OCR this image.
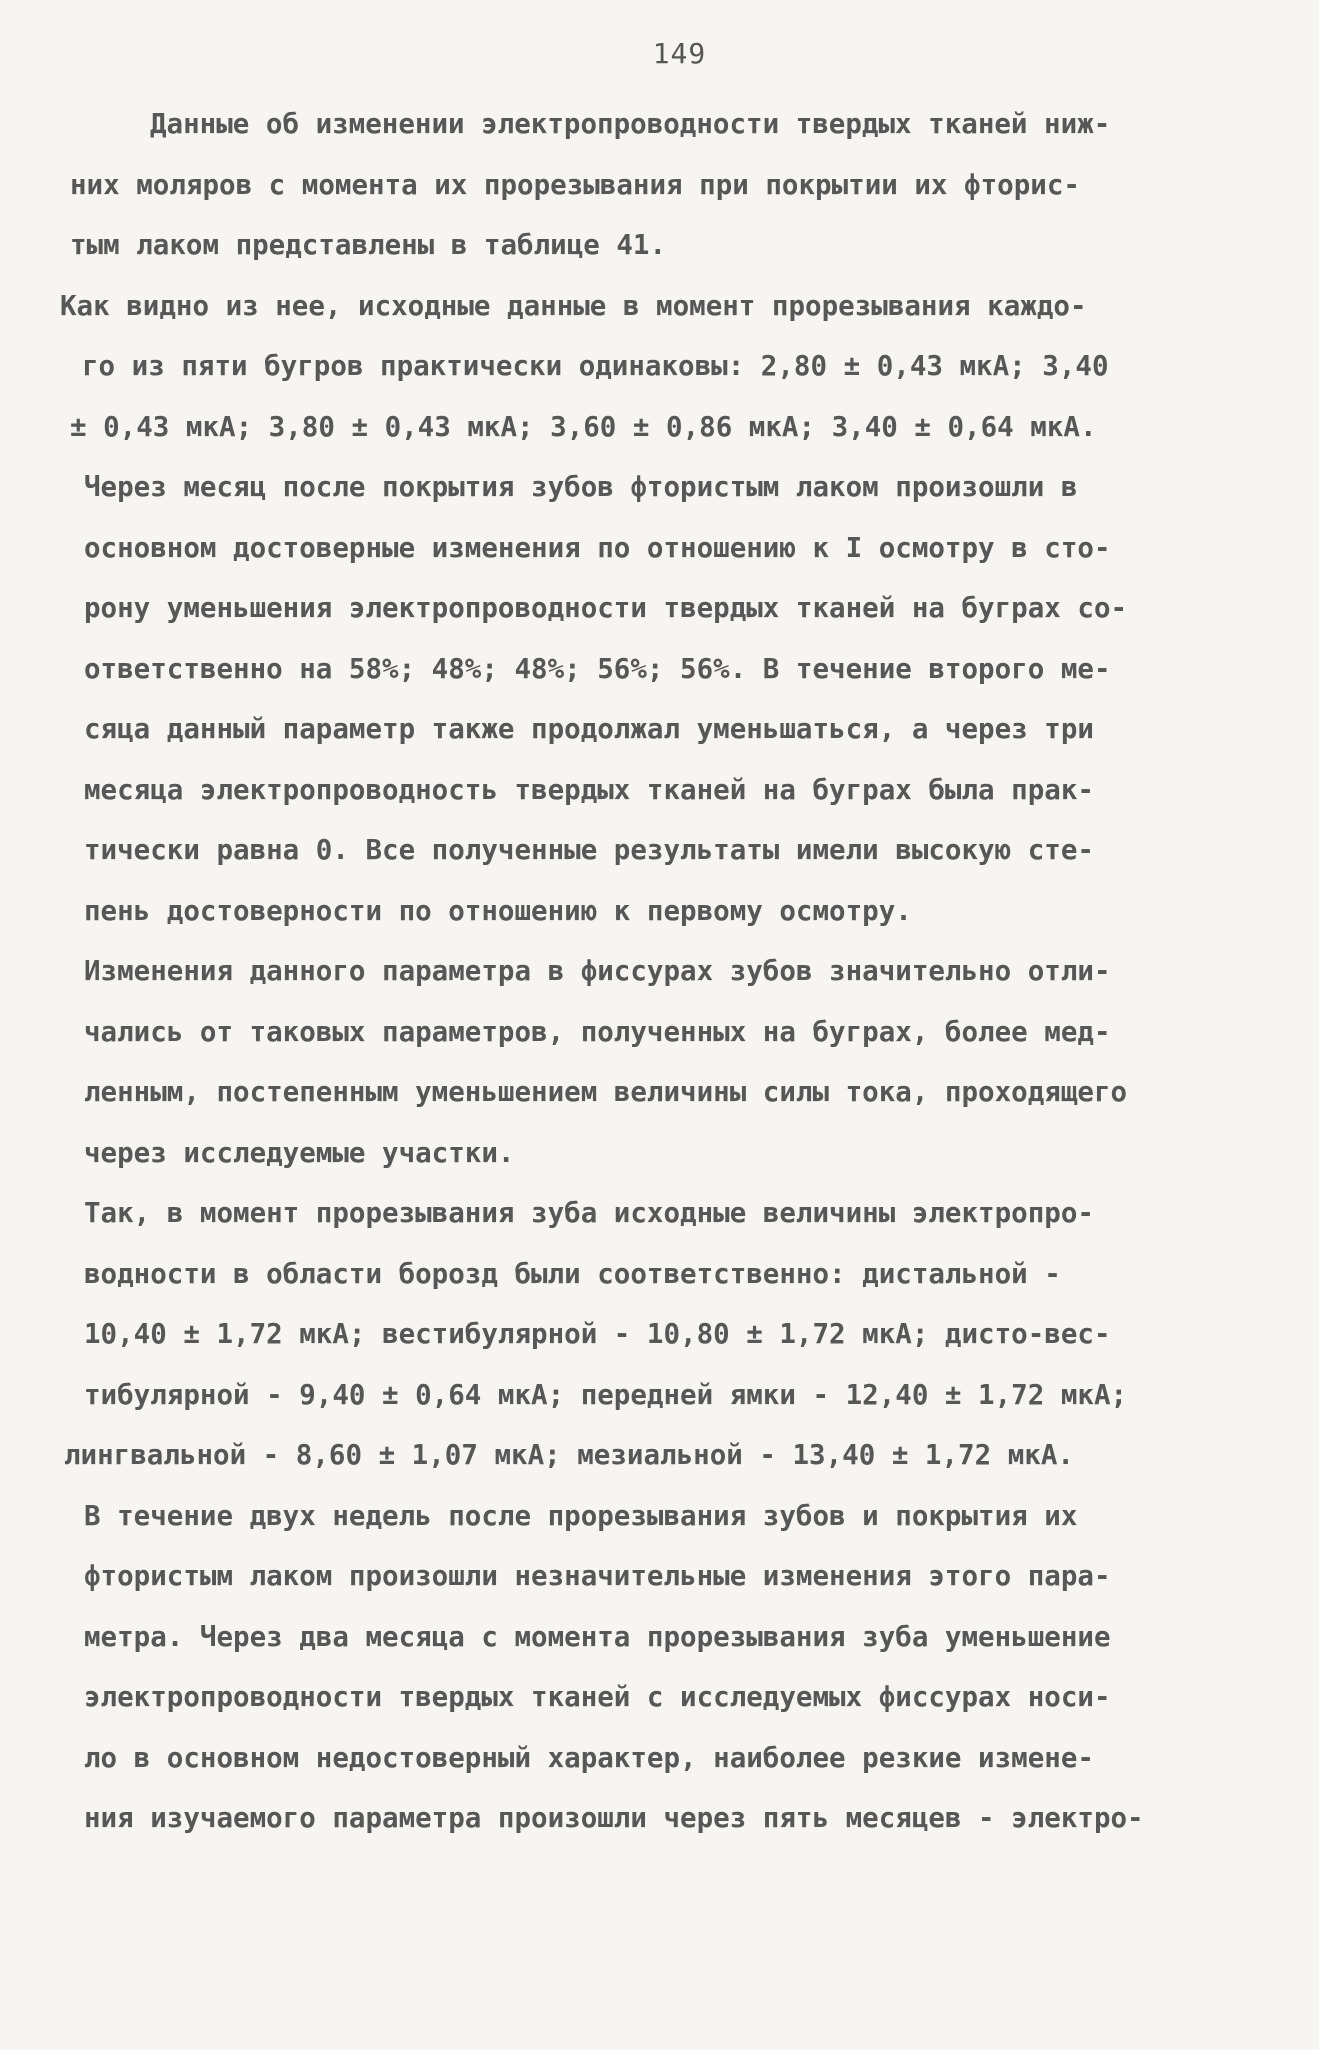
149
Данные об изменении электропроводности твердых тканей ниж-
них моляров с момента их прорезывания при покрытии их фторис-
тым лаком представлены в таблице 41.
Как видно из нее, исходные данные в момент прорезывания каждо-
го из пяти бугров практически одинаковы: 2,80 ± 0,43 мкА; 3,40
± 0,43 мкА; 3,80 ± 0,43 мкА; 3,60 ± 0,86 мкА; 3,40 ± 0,64 мкА.
Через месяц после покрытия зубов фтористым лаком произошли в
основном достоверные изменения по отношению к I осмотру в сто-
рону уменьшения электропроводности твердых тканей на буграх со-
ответственно на 58%; 48%; 48%; 56%; 56%. В течение второго ме-
сяца данный параметр также продолжал уменьшаться, а через три
месяца электропроводность твердых тканей на буграх была прак-
тически равна 0. Все полученные результаты имели высокую сте-
пень достоверности по отношению к первому осмотру.
Изменения данного параметра в фиссурах зубов значительно отли-
чались от таковых параметров, полученных на буграх, более мед-
ленным, постепенным уменьшением величины силы тока, проходящего
через исследуемые участки.
Так, в момент прорезывания зуба исходные величины электропро-
водности в области борозд были соответственно: дистальной -
10,40 ± 1,72 мкА; вестибулярной - 10,80 ± 1,72 мкА; дисто-вес-
тибулярной - 9,40 ± 0,64 мкА; передней ямки - 12,40 ± 1,72 мкА;
лингвальной - 8,60 ± 1,07 мкА; мезиальной - 13,40 ± 1,72 мкА.
В течение двух недель после прорезывания зубов и покрытия их
фтористым лаком произошли незначительные изменения этого пара-
метра. Через два месяца с момента прорезывания зуба уменьшение
электропроводности твердых тканей с исследуемых фиссурах носи-
ло в основном недостоверный характер, наиболее резкие измене-
ния изучаемого параметра произошли через пять месяцев - электро-
